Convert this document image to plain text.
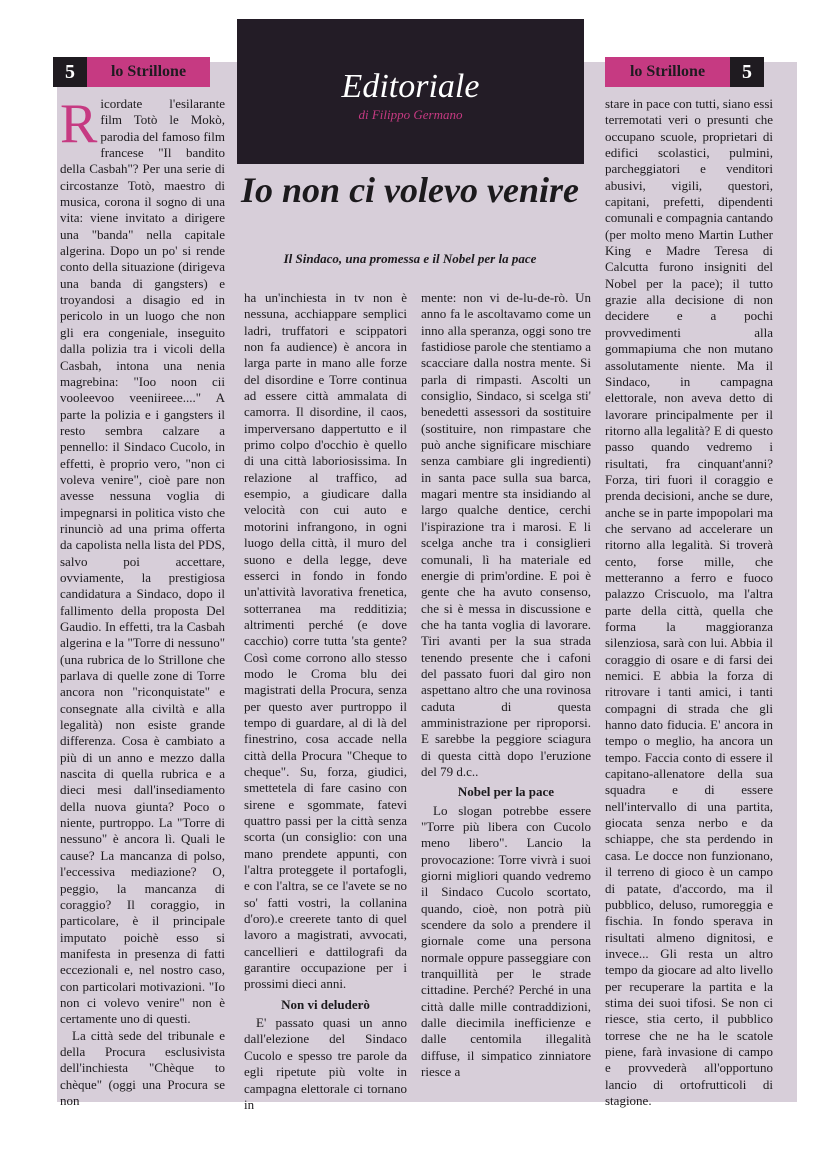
5	lo Strillone	lo Strillone	5
Editoriale
di Filippo Germano
Io non ci volevo venire
Il Sindaco, una promessa e il Nobel per la pace
R icordate l'esilarante film Totò le Mokò, parodia del famoso film francese "Il bandito della Casbah"? Per una serie di circostanze Totò, maestro di musica, corona il sogno di una vita: viene invitato a dirigere una "banda" nella capitale algerina. Dopo un po' si rende conto della situazione (dirigeva una banda di gangsters) e troyandosi a disagio ed in pericolo in un luogo che non gli era congeniale, inseguito dalla polizia tra i vicoli della Casbah, intona una nenia magrebina: "Ioo noon cii vooleevoo veeniireee...." A parte la polizia e i gangsters il resto sembra calzare a pennello: il Sindaco Cucolo, in effetti, è proprio vero, "non ci voleva venire", cioè pare non avesse nessuna voglia di impegnarsi in politica visto che rinunciò ad una prima offerta da capolista nella lista del PDS, salvo poi accettare, ovviamente, la prestigiosa candidatura a Sindaco, dopo il fallimento della proposta Del Gaudio. In effetti, tra la Casbah algerina e la "Torre di nessuno"(una rubrica de lo Strillone che parlava di quelle zone di Torre ancora non "riconquistate" e consegnate alla civiltà e alla legalità) non esiste grande differenza. Cosa è cambiato a più di un anno e mezzo dalla nascita di quella rubrica e a dieci mesi dall'insediamento della nuova giunta? Poco o niente, purtroppo. La "Torre di nessuno" è ancora lì. Quali le cause? La mancanza di polso, l'eccessiva mediazione? O, peggio, la mancanza di coraggio? Il coraggio, in particolare, è il principale imputato poichè esso si manifesta in presenza di fatti eccezionali e, nel nostro caso, con particolari motivazioni. "Io non ci volevo venire" non è certamente uno di questi.

La città sede del tribunale e della Procura esclusivista dell'inchiesta "Chèque to chèque" (oggi una Procura se non

ha un'inchiesta in tv non è nessuna, acchiappare semplici ladri, truffatori e scippatori non fa audience) è ancora in larga parte in mano alle forze del disordine e Torre continua ad essere città ammalata di camorra. Il disordine, il caos, imperversano dappertutto e il primo colpo d'occhio è quello di una città laboriosissima. In relazione al traffico, ad esempio, a giudicare dalla velocità con cui auto e motorini infrangono, in ogni luogo della città, il muro del suono e della legge, deve esserci in fondo in fondo un'attività lavorativa frenetica, sotterranea ma redditizia; altrimenti perché (e dove cacchio) corre tutta 'sta gente? Così come corrono allo stesso modo le Croma blu dei magistrati della Procura, senza per questo aver purtroppo il tempo di guardare, al di là del finestrino, cosa accade nella città della Procura "Cheque to cheque". Su, forza, giudici, smettetela di fare casino con sirene e sgommate, fatevi quattro passi per la città senza scorta (un consiglio: con una mano prendete appunti, con l'altra proteggete il portafogli, e con l'altra, se ce l'avete se no so' fatti vostri, la collanina d'oro).e creerete tanto di quel lavoro a magistrati, avvocati, cancellieri e dattilografi da garantire occupazione per i prossimi dieci anni.

Non vi deluderò

E' passato quasi un anno dall'elezione del Sindaco Cucolo e spesso tre parole da egli ripetute più volte in campagna elettorale ci tornano in

mente: non vi de-lu-de-rò. Un anno fa le ascoltavamo come un inno alla speranza, oggi sono tre fastidiose parole che stentiamo a scacciare dalla nostra mente. Si parla di rimpasti. Ascolti un consiglio, Sindaco, si scelga sti' benedetti assessori da sostituire (sostituire, non rimpastare che può anche significare mischiare senza cambiare gli ingredienti) in santa pace sulla sua barca, magari mentre sta insidiando al largo qualche dentice, cerchi l'ispirazione tra i marosi. E li scelga anche tra i consiglieri comunali, lì ha materiale ed energie di prim'ordine. E poi è gente che ha avuto consenso, che si è messa in discussione e che ha tanta voglia di lavorare. Tiri avanti per la sua strada tenendo presente che i cafoni del passato fuori dal giro non aspettano altro che una rovinosa caduta di questa amministrazione per riproporsi. E sarebbe la peggiore sciagura di questa città dopo l'eruzione del 79 d.c..

Nobel per la pace

Lo slogan potrebbe essere "Torre più libera con Cucolo meno libero". Lancio la provocazione: Torre vivrà i suoi giorni migliori quando vedremo il Sindaco Cucolo scortato, quando, cioè, non potrà più scendere da solo a prendere il giornale come una persona normale oppure passeggiare con tranquillità per le strade cittadine. Perché? Perché in una città dalle mille contraddizioni, dalle diecimila inefficienze e dalle centomila illegalità diffuse, il simpatico zinniatore riesce a

stare in pace con tutti, siano essi terremotati veri o presunti che occupano scuole, proprietari di edifici scolastici, pulmini, parcheggiatori e venditori abusivi, vigili, questori, capitani, prefetti, dipendenti comunali e compagnia cantando (per molto meno Martin Luther King e Madre Teresa di Calcutta furono insigniti del Nobel per la pace); il tutto grazie alla decisione di non decidere e a pochi provvedimenti alla gommapiuma che non mutano assolutamente niente. Ma il Sindaco, in campagna elettorale, non aveva detto di lavorare principalmente per il ritorno alla legalità? E di questo passo quando vedremo i risultati, fra cinquant'anni? Forza, tiri fuori il coraggio e prenda decisioni, anche se dure, anche se in parte impopolari ma che servano ad accelerare un ritorno alla legalità. Si troverà cento, forse mille, che metteranno a ferro e fuoco palazzo Criscuolo, ma l'altra parte della città, quella che forma la maggioranza silenziosa, sarà con lui. Abbia il coraggio di osare e di farsi dei nemici. E abbia la forza di ritrovare i tanti amici, i tanti compagni di strada che gli hanno dato fiducia. E' ancora in tempo o meglio, ha ancora un tempo. Faccia conto di essere il capitano-allenatore della sua squadra e di essere nell'intervallo di una partita, giocata senza nerbo e da schiappe, che sta perdendo in casa. Le docce non funzionano, il terreno di gioco è un campo di patate, d'accordo, ma il pubblico, deluso, rumoreggia e fischia. In fondo sperava in risultati almeno dignitosi, e invece... Gli resta un altro tempo da giocare ad alto livello per recuperare la partita e la stima dei suoi tifosi. Se non ci riesce, stia certo, il pubblico torrese che ne ha le scatole piene, farà invasione di campo e provvederà all'opportuno lancio di ortofrutticoli di stagione.
